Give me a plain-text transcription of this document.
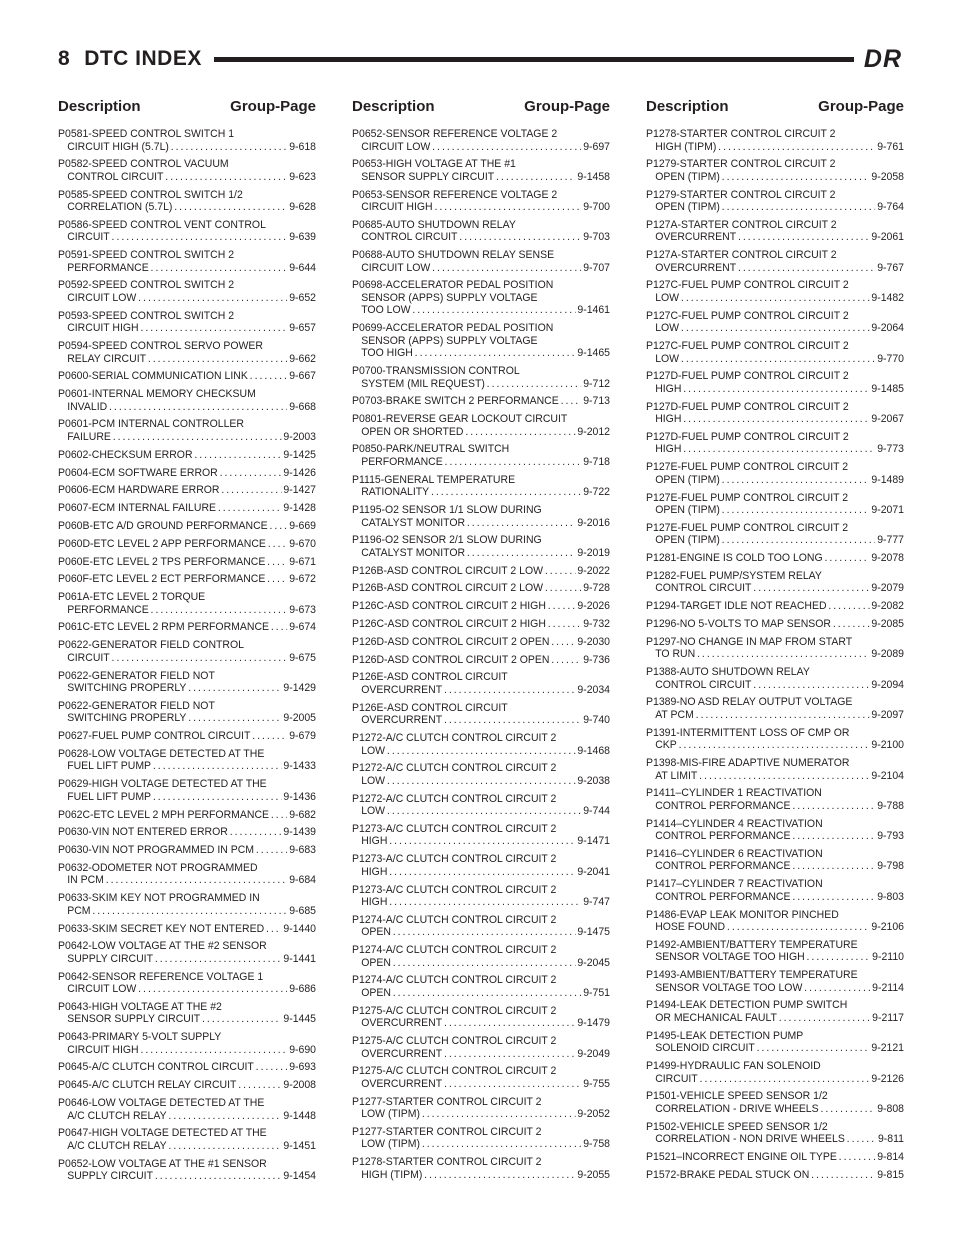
8 DTC INDEX	DR
Description	Group-Page
P0581-SPEED CONTROL SWITCH 1
CIRCUIT HIGH (5.7L) . . .	9-618
P0582-SPEED CONTROL VACUUM
CONTROL CIRCUIT . . .	9-623
P0585-SPEED CONTROL SWITCH 1/2
CORRELATION (5.7L) . . .	9-628
P0586-SPEED CONTROL VENT CONTROL
CIRCUIT . . .	9-639
P0591-SPEED CONTROL SWITCH 2
PERFORMANCE . . .	9-644
P0592-SPEED CONTROL SWITCH 2
CIRCUIT LOW . . .	9-652
P0593-SPEED CONTROL SWITCH 2
CIRCUIT HIGH . . .	9-657
P0594-SPEED CONTROL SERVO POWER
RELAY CIRCUIT . . .	9-662
P0600-SERIAL COMMUNICATION LINK . . .	9-667
P0601-INTERNAL MEMORY CHECKSUM
INVALID . . .	9-668
P0601-PCM INTERNAL CONTROLLER
FAILURE . . .	9-2003
P0602-CHECKSUM ERROR . . .	9-1425
P0604-ECM SOFTWARE ERROR . . .	9-1426
P0606-ECM HARDWARE ERROR . . .	9-1427
P0607-ECM INTERNAL FAILURE . . .	9-1428
P060B-ETC A/D GROUND PERFORMANCE . . . 9-669
P060D-ETC LEVEL 2 APP PERFORMANCE . . . 9-670
P060E-ETC LEVEL 2 TPS PERFORMANCE . . . 9-671
P060F-ETC LEVEL 2 ECT PERFORMANCE . . . 9-672
P061A-ETC LEVEL 2 TORQUE
PERFORMANCE . . .	9-673
P061C-ETC LEVEL 2 RPM PERFORMANCE . . . 9-674
P0622-GENERATOR FIELD CONTROL
CIRCUIT . . .	9-675
P0622-GENERATOR FIELD NOT
SWITCHING PROPERLY . . .	9-1429
P0622-GENERATOR FIELD NOT
SWITCHING PROPERLY . . .	9-2005
P0627-FUEL PUMP CONTROL CIRCUIT . . .	9-679
P0628-LOW VOLTAGE DETECTED AT THE
FUEL LIFT PUMP . . .	9-1433
P0629-HIGH VOLTAGE DETECTED AT THE
FUEL LIFT PUMP . . .	9-1436
P062C-ETC LEVEL 2 MPH PERFORMANCE . . . 9-682
P0630-VIN NOT ENTERED ERROR . . .	9-1439
P0630-VIN NOT PROGRAMMED IN PCM . . .	9-683
P0632-ODOMETER NOT PROGRAMMED
IN PCM . . .	9-684
P0633-SKIM KEY NOT PROGRAMMED IN
PCM . . .	9-685
P0633-SKIM SECRET KEY NOT ENTERED . . . 9-1440
P0642-LOW VOLTAGE AT THE #2 SENSOR
SUPPLY CIRCUIT . . .	9-1441
P0642-SENSOR REFERENCE VOLTAGE 1
CIRCUIT LOW . . .	9-686
P0643-HIGH VOLTAGE AT THE #2
SENSOR SUPPLY CIRCUIT . . .	9-1445
P0643-PRIMARY 5-VOLT SUPPLY
CIRCUIT HIGH . . .	9-690
P0645-A/C CLUTCH CONTROL CIRCUIT . . .	9-693
P0645-A/C CLUTCH RELAY CIRCUIT . . .	9-2008
P0646-LOW VOLTAGE DETECTED AT THE
A/C CLUTCH RELAY . . .	9-1448
P0647-HIGH VOLTAGE DETECTED AT THE
A/C CLUTCH RELAY . . .	9-1451
P0652-LOW VOLTAGE AT THE #1 SENSOR
SUPPLY CIRCUIT . . .	9-1454
Description	Group-Page
P0652-SENSOR REFERENCE VOLTAGE 2
CIRCUIT LOW . . .	9-697
P0653-HIGH VOLTAGE AT THE #1
SENSOR SUPPLY CIRCUIT . . .	9-1458
P0653-SENSOR REFERENCE VOLTAGE 2
CIRCUIT HIGH . . .	9-700
P0685-AUTO SHUTDOWN RELAY
CONTROL CIRCUIT . . .	9-703
P0688-AUTO SHUTDOWN RELAY SENSE
CIRCUIT LOW . . .	9-707
P0698-ACCELERATOR PEDAL POSITION
SENSOR (APPS) SUPPLY VOLTAGE
TOO LOW . . .	9-1461
P0699-ACCELERATOR PEDAL POSITION
SENSOR (APPS) SUPPLY VOLTAGE
TOO HIGH . . .	9-1465
P0700-TRANSMISSION CONTROL
SYSTEM (MIL REQUEST) . . .	9-712
P0703-BRAKE SWITCH 2 PERFORMANCE . . . 9-713
P0801-REVERSE GEAR LOCKOUT CIRCUIT
OPEN OR SHORTED . . .	9-2012
P0850-PARK/NEUTRAL SWITCH
PERFORMANCE . . .	9-718
P1115-GENERAL TEMPERATURE
RATIONALITY . . .	9-722
P1195-O2 SENSOR 1/1 SLOW DURING
CATALYST MONITOR . . .	9-2016
P1196-O2 SENSOR 2/1 SLOW DURING
CATALYST MONITOR . . .	9-2019
P126B-ASD CONTROL CIRCUIT 2 LOW . . .	9-2022
P126B-ASD CONTROL CIRCUIT 2 LOW . . .	9-728
P126C-ASD CONTROL CIRCUIT 2 HIGH . . .	9-2026
P126C-ASD CONTROL CIRCUIT 2 HIGH . . .	9-732
P126D-ASD CONTROL CIRCUIT 2 OPEN . . . 9-2030
P126D-ASD CONTROL CIRCUIT 2 OPEN . . .	9-736
P126E-ASD CONTROL CIRCUIT
OVERCURRENT . . .	9-2034
P126E-ASD CONTROL CIRCUIT
OVERCURRENT . . .	9-740
P1272-A/C CLUTCH CONTROL CIRCUIT 2
LOW . . .	9-1468
P1272-A/C CLUTCH CONTROL CIRCUIT 2
LOW . . .	9-2038
P1272-A/C CLUTCH CONTROL CIRCUIT 2
LOW . . .	9-744
P1273-A/C CLUTCH CONTROL CIRCUIT 2
HIGH . . .	9-1471
P1273-A/C CLUTCH CONTROL CIRCUIT 2
HIGH . . .	9-2041
P1273-A/C CLUTCH CONTROL CIRCUIT 2
HIGH . . .	9-747
P1274-A/C CLUTCH CONTROL CIRCUIT 2
OPEN . . .	9-1475
P1274-A/C CLUTCH CONTROL CIRCUIT 2
OPEN . . .	9-2045
P1274-A/C CLUTCH CONTROL CIRCUIT 2
OPEN . . .	9-751
P1275-A/C CLUTCH CONTROL CIRCUIT 2
OVERCURRENT . . .	9-1479
P1275-A/C CLUTCH CONTROL CIRCUIT 2
OVERCURRENT . . .	9-2049
P1275-A/C CLUTCH CONTROL CIRCUIT 2
OVERCURRENT . . .	9-755
P1277-STARTER CONTROL CIRCUIT 2
LOW (TIPM) . . .	9-2052
P1277-STARTER CONTROL CIRCUIT 2
LOW (TIPM) . . .	9-758
P1278-STARTER CONTROL CIRCUIT 2
HIGH (TIPM) . . .	9-2055
Description	Group-Page
P1278-STARTER CONTROL CIRCUIT 2
HIGH (TIPM) . . .	9-761
P1279-STARTER CONTROL CIRCUIT 2
OPEN (TIPM) . . .	9-2058
P1279-STARTER CONTROL CIRCUIT 2
OPEN (TIPM) . . .	9-764
P127A-STARTER CONTROL CIRCUIT 2
OVERCURRENT . . .	9-2061
P127A-STARTER CONTROL CIRCUIT 2
OVERCURRENT . . .	9-767
P127C-FUEL PUMP CONTROL CIRCUIT 2
LOW . . .	9-1482
P127C-FUEL PUMP CONTROL CIRCUIT 2
LOW . . .	9-2064
P127C-FUEL PUMP CONTROL CIRCUIT 2
LOW . . .	9-770
P127D-FUEL PUMP CONTROL CIRCUIT 2
HIGH . . .	9-1485
P127D-FUEL PUMP CONTROL CIRCUIT 2
HIGH . . .	9-2067
P127D-FUEL PUMP CONTROL CIRCUIT 2
HIGH . . .	9-773
P127E-FUEL PUMP CONTROL CIRCUIT 2
OPEN (TIPM) . . .	9-1489
P127E-FUEL PUMP CONTROL CIRCUIT 2
OPEN (TIPM) . . .	9-2071
P127E-FUEL PUMP CONTROL CIRCUIT 2
OPEN (TIPM) . . .	9-777
P1281-ENGINE IS COLD TOO LONG . . .	9-2078
P1282-FUEL PUMP/SYSTEM RELAY
CONTROL CIRCUIT . . .	9-2079
P1294-TARGET IDLE NOT REACHED . . .	9-2082
P1296-NO 5-VOLTS TO MAP SENSOR . . .	9-2085
P1297-NO CHANGE IN MAP FROM START
TO RUN . . .	9-2089
P1388-AUTO SHUTDOWN RELAY
CONTROL CIRCUIT . . .	9-2094
P1389-NO ASD RELAY OUTPUT VOLTAGE
AT PCM . . .	9-2097
P1391-INTERMITTENT LOSS OF CMP OR
CKP . . .	9-2100
P1398-MIS-FIRE ADAPTIVE NUMERATOR
AT LIMIT . . .	9-2104
P1411–CYLINDER 1 REACTIVATION
CONTROL PERFORMANCE . . .	9-788
P1414–CYLINDER 4 REACTIVATION
CONTROL PERFORMANCE . . .	9-793
P1416–CYLINDER 6 REACTIVATION
CONTROL PERFORMANCE . . .	9-798
P1417–CYLINDER 7 REACTIVATION
CONTROL PERFORMANCE . . .	9-803
P1486-EVAP LEAK MONITOR PINCHED
HOSE FOUND . . .	9-2106
P1492-AMBIENT/BATTERY TEMPERATURE
SENSOR VOLTAGE TOO HIGH . . .	9-2110
P1493-AMBIENT/BATTERY TEMPERATURE
SENSOR VOLTAGE TOO LOW . . .	9-2114
P1494-LEAK DETECTION PUMP SWITCH
OR MECHANICAL FAULT . . .	9-2117
P1495-LEAK DETECTION PUMP
SOLENOID CIRCUIT . . .	9-2121
P1499-HYDRAULIC FAN SOLENOID
CIRCUIT . . .	9-2126
P1501-VEHICLE SPEED SENSOR 1/2
CORRELATION - DRIVE WHEELS . . .	9-808
P1502-VEHICLE SPEED SENSOR 1/2
CORRELATION - NON DRIVE WHEELS . . .	9-811
P1521–INCORRECT ENGINE OIL TYPE . . .	9-814
P1572-BRAKE PEDAL STUCK ON . . .	9-815
